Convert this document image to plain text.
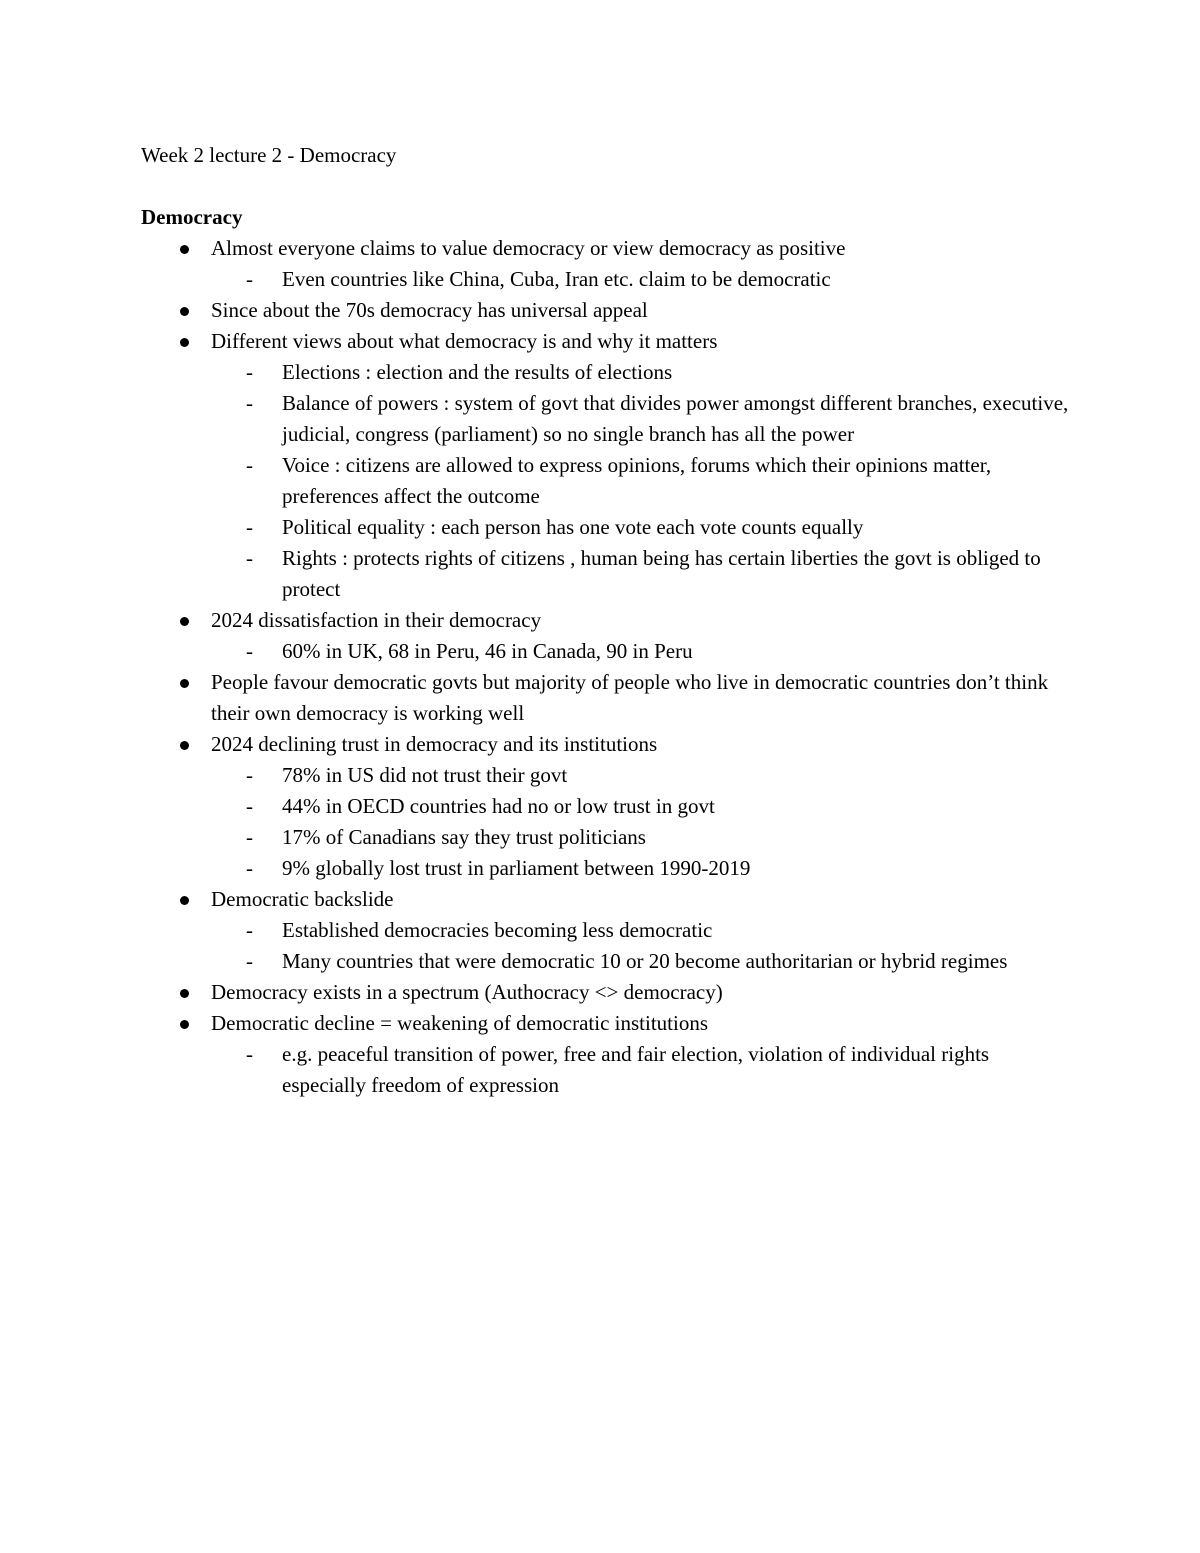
Week 2 lecture 2 - Democracy
Democracy
Almost everyone claims to value democracy or view democracy as positive
- Even countries like China, Cuba, Iran etc. claim to be democratic
Since about the 70s democracy has universal appeal
Different views about what democracy is and why it matters
- Elections : election and the results of elections
- Balance of powers : system of govt that divides power amongst different branches, executive, judicial, congress (parliament) so no single branch has all the power
- Voice : citizens are allowed to express opinions, forums which their opinions matter, preferences affect the outcome
- Political equality : each person has one vote each vote counts equally
- Rights : protects rights of citizens , human being has certain liberties the govt is obliged to protect
2024 dissatisfaction in their democracy
- 60% in UK, 68 in Peru, 46 in Canada, 90 in Peru
People favour democratic govts but majority of people who live in democratic countries don’t think their own democracy is working well
2024 declining trust in democracy and its institutions
- 78% in US did not trust their govt
- 44% in OECD countries had no or low trust in govt
- 17% of Canadians say they trust politicians
- 9% globally lost trust in parliament between 1990-2019
Democratic backslide
- Established democracies becoming less democratic
- Many countries that were democratic 10 or 20 become authoritarian or hybrid regimes
Democracy exists in a spectrum (Authocracy <> democracy)
Democratic decline = weakening of democratic institutions
- e.g. peaceful transition of power, free and fair election, violation of individual rights especially freedom of expression
